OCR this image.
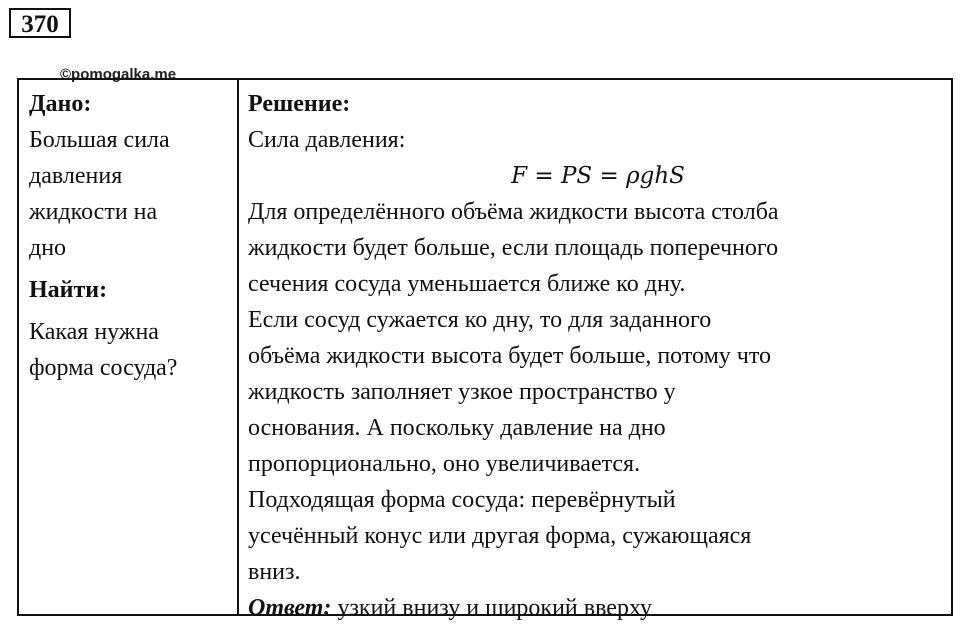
370
©pomogalka.me
Дано:
Большая сила
давления
жидкости на
дно
Найти:
Какая нужна
форма сосуда?
Решение:
Сила давления:
F = PS = ρghS
Для определённого объёма жидкости высота столба
жидкости будет больше, если площадь поперечного
сечения сосуда уменьшается ближе ко дну.
Если сосуд сужается ко дну, то для заданного
объёма жидкости высота будет больше, потому что
жидкость заполняет узкое пространство у
основания. А поскольку давление на дно
пропорционально, оно увеличивается.
Подходящая форма сосуда: перевёрнутый
усечённый конус или другая форма, сужающаяся
вниз.
Ответ: узкий внизу и широкий вверху
